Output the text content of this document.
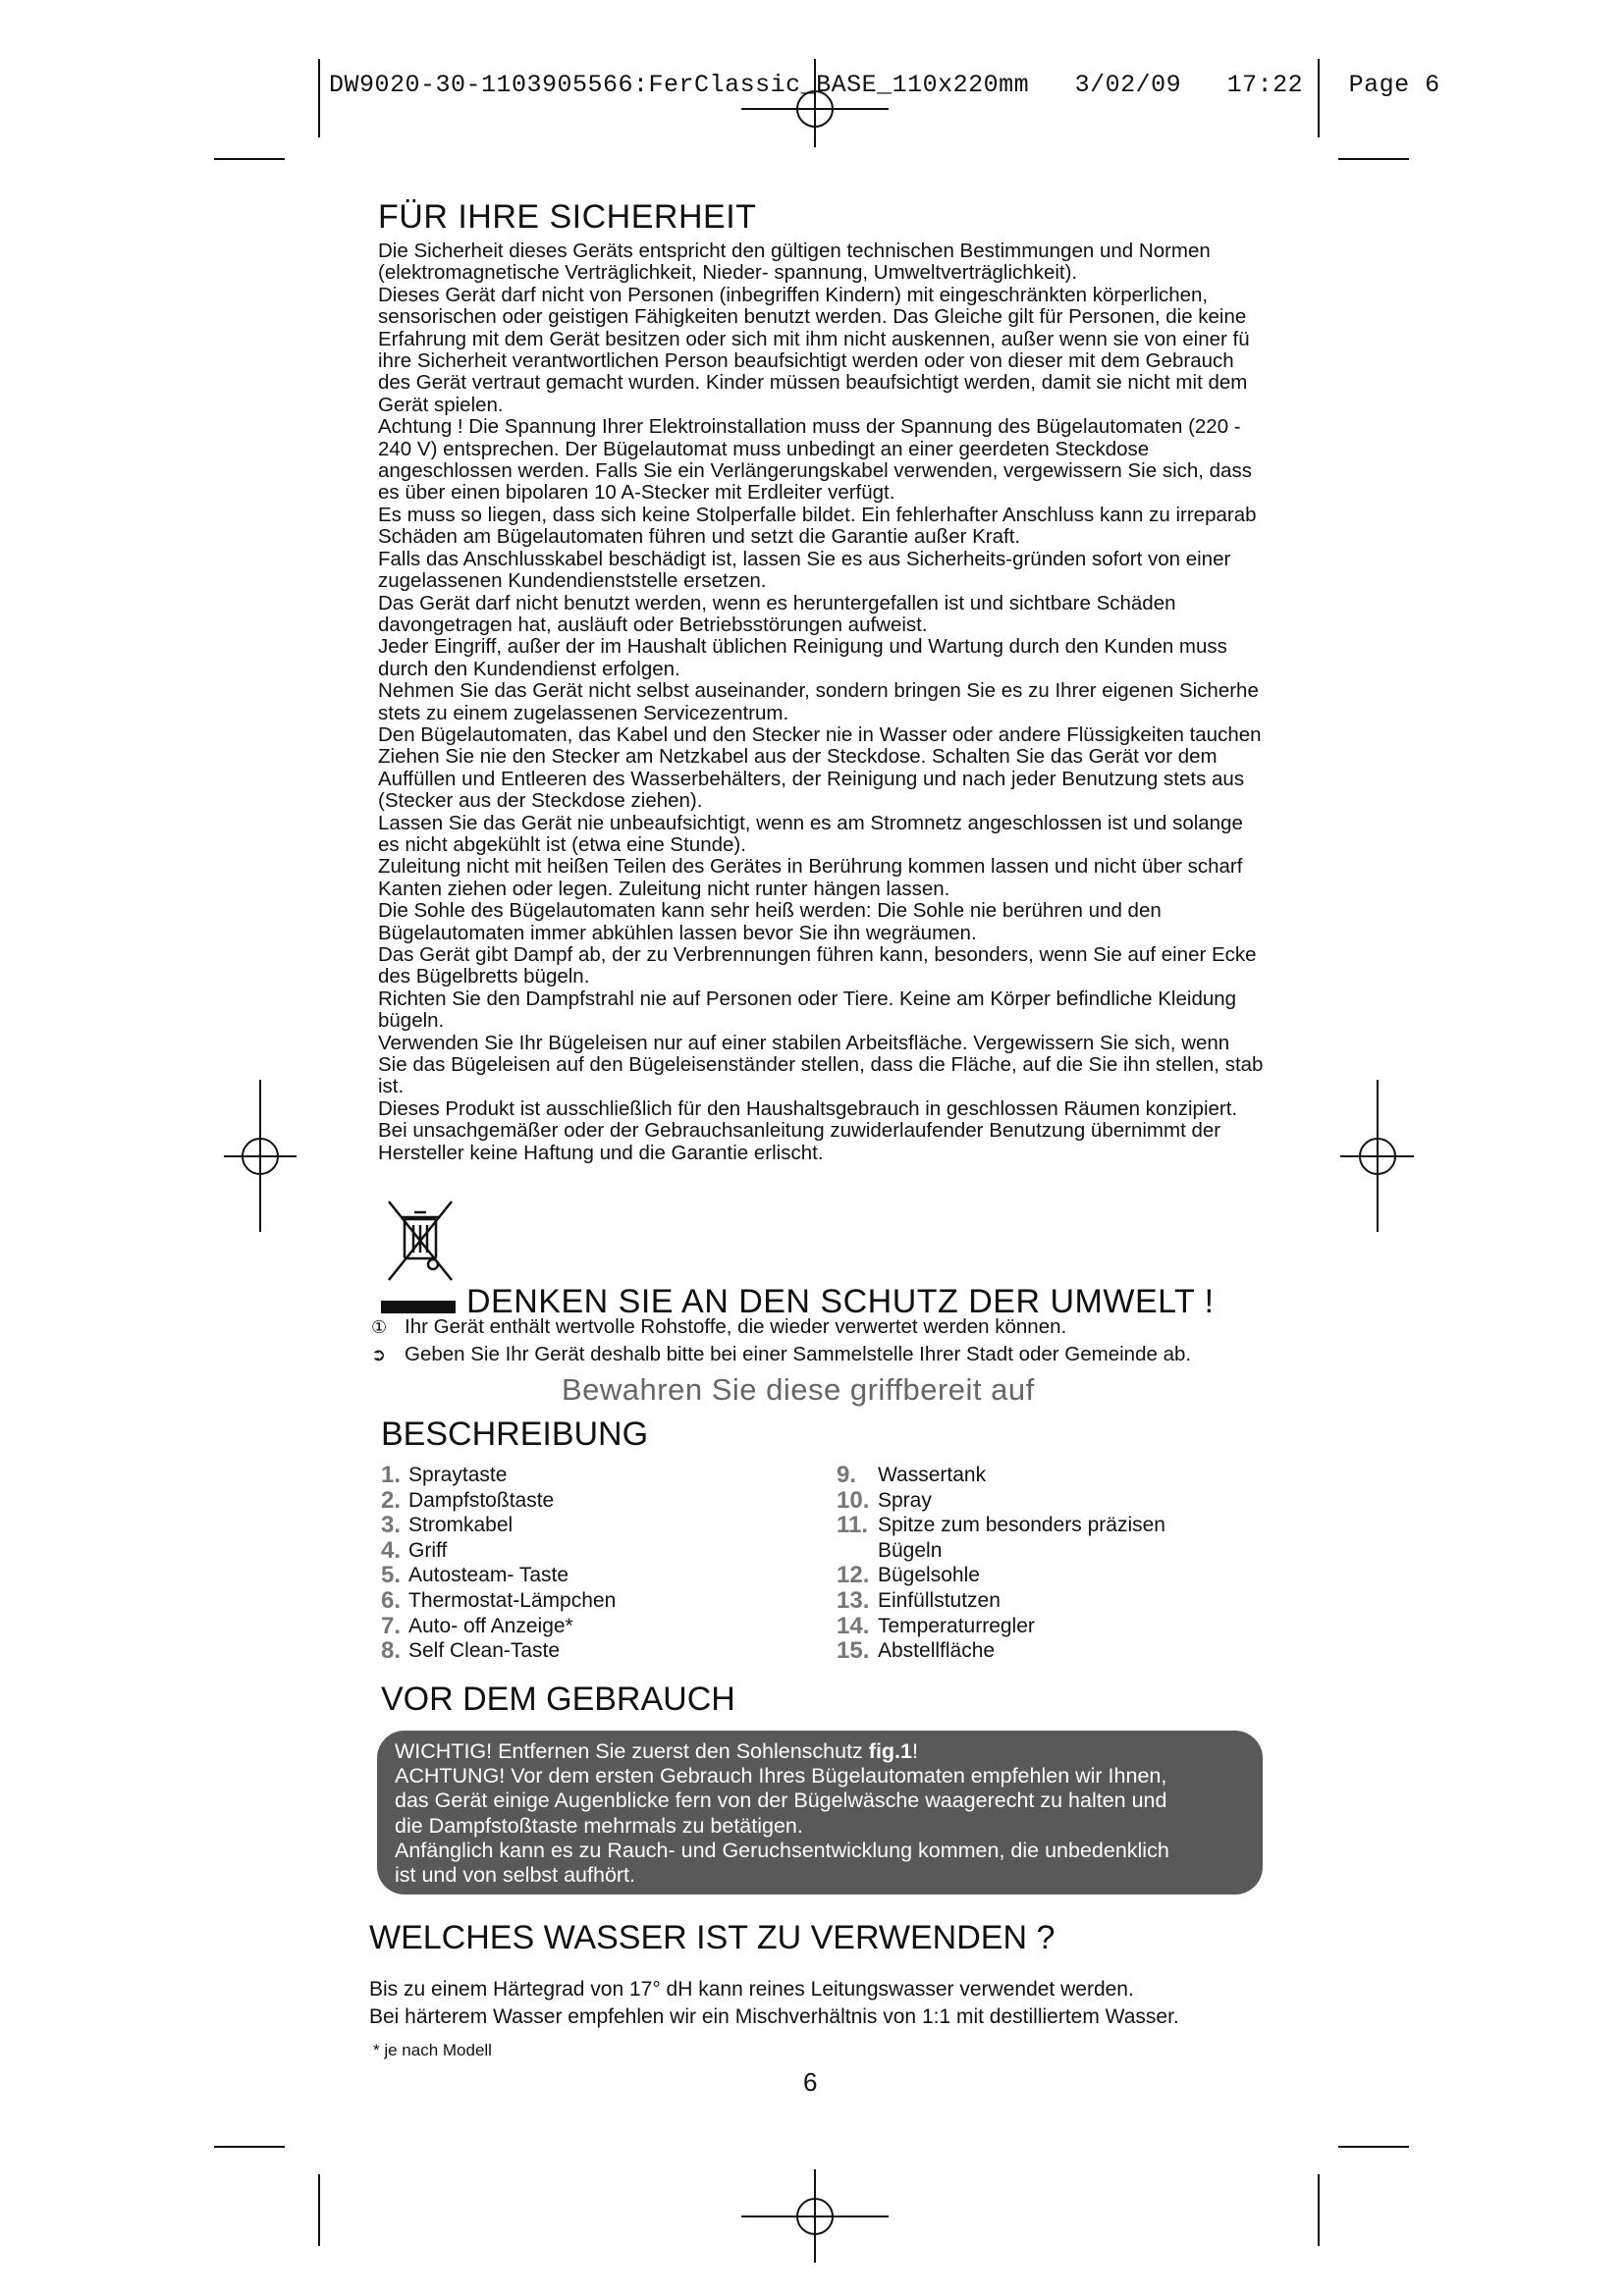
DW9020-30-1103905566:FerClassic_BASE_110x220mm   3/02/09   17:22   Page 6
FÜR IHRE SICHERHEIT

Die Sicherheit dieses Geräts entspricht den gültigen technischen Bestimmungen und Normen

(elektromagnetische Verträglichkeit, Nieder- spannung, Umweltverträglichkeit).

Dieses Gerät darf nicht von Personen (inbegriffen Kindern) mit eingeschränkten körperlichen,

sensorischen oder geistigen Fähigkeiten benutzt werden. Das Gleiche gilt für Personen, die keine

Erfahrung mit dem Gerät besitzen oder sich mit ihm nicht auskennen, außer wenn sie von einer fü

ihre Sicherheit verantwortlichen Person beaufsichtigt werden oder von dieser mit dem Gebrauch

des Gerät vertraut gemacht wurden. Kinder müssen beaufsichtigt werden, damit sie nicht mit dem

Gerät spielen.

Achtung ! Die Spannung Ihrer Elektroinstallation muss der Spannung des Bügelautomaten (220 -

240 V) entsprechen. Der Bügelautomat muss unbedingt an einer geerdeten Steckdose

angeschlossen werden. Falls Sie ein Verlängerungskabel verwenden, vergewissern Sie sich, dass

es über einen bipolaren 10 A-Stecker mit Erdleiter verfügt.

Es muss so liegen, dass sich keine Stolperfalle bildet. Ein fehlerhafter Anschluss kann zu irreparab

Schäden am Bügelautomaten führen und setzt die Garantie außer Kraft.

Falls das Anschlusskabel beschädigt ist, lassen Sie es aus Sicherheits-gründen sofort von einer

zugelassenen Kundendienststelle ersetzen.

Das Gerät darf nicht benutzt werden, wenn es heruntergefallen ist und sichtbare Schäden

davongetragen hat, ausläuft oder Betriebsstörungen aufweist.

Jeder Eingriff, außer der im Haushalt üblichen Reinigung und Wartung durch den Kunden muss

durch den Kundendienst erfolgen.

Nehmen Sie das Gerät nicht selbst auseinander, sondern bringen Sie es zu Ihrer eigenen Sicherhe

stets zu einem zugelassenen Servicezentrum.

Den Bügelautomaten, das Kabel und den Stecker nie in Wasser oder andere Flüssigkeiten tauchen

Ziehen Sie nie den Stecker am Netzkabel aus der Steckdose. Schalten Sie das Gerät vor dem

Auffüllen und Entleeren des Wasserbehälters, der Reinigung und nach jeder Benutzung stets aus

(Stecker aus der Steckdose ziehen).

Lassen Sie das Gerät nie unbeaufsichtigt, wenn es am Stromnetz angeschlossen ist und solange

es nicht abgekühlt ist (etwa eine Stunde).

Zuleitung nicht mit heißen Teilen des Gerätes in Berührung kommen lassen und nicht über scharf

Kanten ziehen oder legen. Zuleitung nicht runter hängen lassen.

Die Sohle des Bügelautomaten kann sehr heiß werden: Die Sohle nie berühren und den

Bügelautomaten immer abkühlen lassen bevor Sie ihn wegräumen.

Das Gerät gibt Dampf ab, der zu Verbrennungen führen kann, besonders, wenn Sie auf einer Ecke

des Bügelbretts bügeln.

Richten Sie den Dampfstrahl nie auf Personen oder Tiere. Keine am Körper befindliche Kleidung

bügeln.

Verwenden Sie Ihr Bügeleisen nur auf einer stabilen Arbeitsfläche. Vergewissern Sie sich, wenn

Sie das Bügeleisen auf den Bügeleisenständer stellen, dass die Fläche, auf die Sie ihn stellen, stab

ist.

Dieses Produkt ist ausschließlich für den Haushaltsgebrauch in geschlossen Räumen konzipiert.

Bei unsachgemäßer oder der Gebrauchsanleitung zuwiderlaufender Benutzung übernimmt der

Hersteller keine Haftung und die Garantie erlischt.

DENKEN SIE AN DEN SCHUTZ DER UMWELT !
① Ihr Gerät enthält wertvolle Rohstoffe, die wieder verwertet werden können.
➲ Geben Sie Ihr Gerät deshalb bitte bei einer Sammelstelle Ihrer Stadt oder Gemeinde ab.
Bewahren Sie diese griffbereit auf
BESCHREIBUNG
1. Spraytaste
2. Dampfstoßtaste
3. Stromkabel
4. Griff
5. Autosteam- Taste
6. Thermostat-Lämpchen
7. Auto- off Anzeige*
8. Self Clean-Taste
9.	Wassertank
10. Spray
11. Spitze zum besonders präzisen
Bügeln
12. Bügelsohle
13. Einfüllstutzen
14. Temperaturregler
15. Abstellfläche
VOR DEM GEBRAUCH

WICHTIG! Entfernen Sie zuerst den Sohlenschutz fig.1!

ACHTUNG! Vor dem ersten Gebrauch Ihres Bügelautomaten empfehlen wir Ihnen,

das Gerät einige Augenblicke fern von der Bügelwäsche waagerecht zu halten und

die Dampfstoßtaste mehrmals zu betätigen.

Anfänglich kann es zu Rauch- und Geruchsentwicklung kommen, die unbedenklich

ist und von selbst aufhört.

WELCHES WASSER IST ZU VERWENDEN ?
Bis zu einem Härtegrad von 17° dH kann reines Leitungswasser verwendet werden.
Bei härterem Wasser empfehlen wir ein Mischverhältnis von 1:1 mit destilliertem Wasser.
* je nach Modell
6
